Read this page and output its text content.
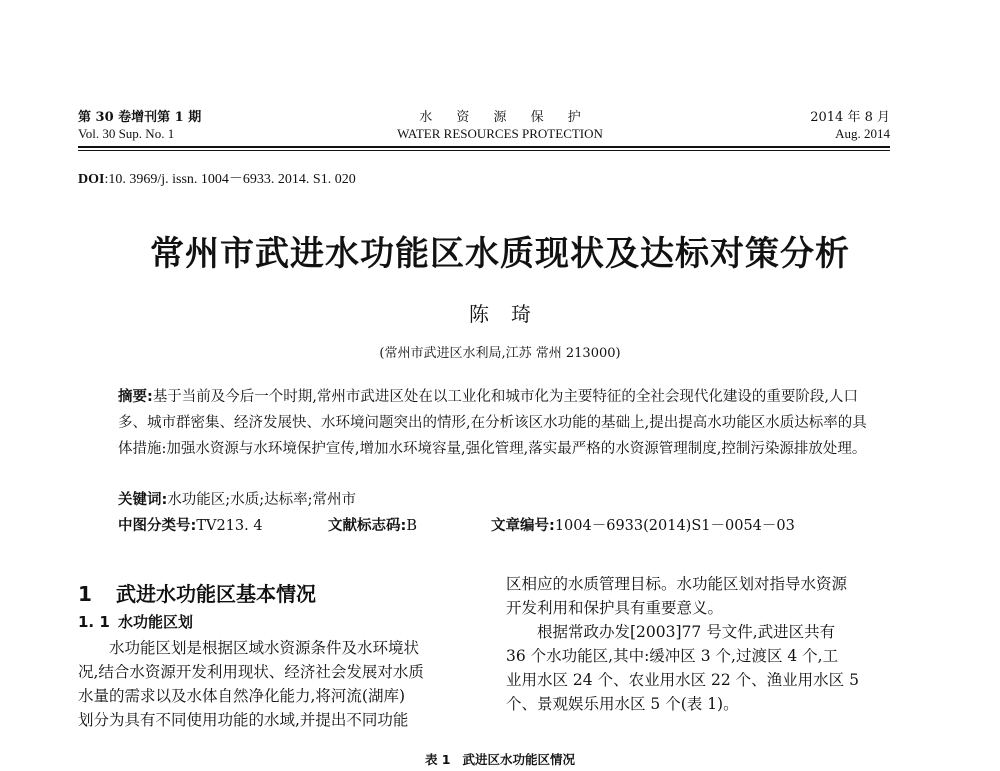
第 30 卷增刊第 1 期
Vol. 30 Sup. No. 1
水 资 源 保 护
WATER RESOURCES PROTECTION
2014 年 8 月
Aug. 2014
DOI:10. 3969/j. issn. 1004－6933. 2014. S1. 020
常州市武进水功能区水质现状及达标对策分析
陈琦
(常州市武进区水利局,江苏 常州 213000)
摘要:基于当前及今后一个时期,常州市武进区处在以工业化和城市化为主要特征的全社会现代化建设的重要阶段,人口多、城市群密集、经济发展快、水环境问题突出的情形,在分析该区水功能的基础上,提出提高水功能区水质达标率的具体措施:加强水资源与水环境保护宣传,增加水环境容量,强化管理,落实最严格的水资源管理制度,控制污染源排放处理。
关键词:水功能区;水质;达标率;常州市
中图分类号:TV213. 4	文献标志码:B	文章编号:1004－6933(2014)S1－0054－03
1 武进水功能区基本情况
1. 1 水功能区划
水功能区划是根据区域水资源条件及水环境状
况,结合水资源开发利用现状、经济社会发展对水质
水量的需求以及水体自然净化能力,将河流(湖库)
划分为具有不同使用功能的水域,并提出不同功能
区相应的水质管理目标。水功能区划对指导水资源
开发利用和保护具有重要意义。
根据常政办发[2003]77 号文件,武进区共有
36 个水功能区,其中:缓冲区 3 个,过渡区 4 个,工
业用水区 24 个、农业用水区 22 个、渔业用水区 5
个、景观娱乐用水区 5 个(表 1)。
表 1 武进区水功能区情况
